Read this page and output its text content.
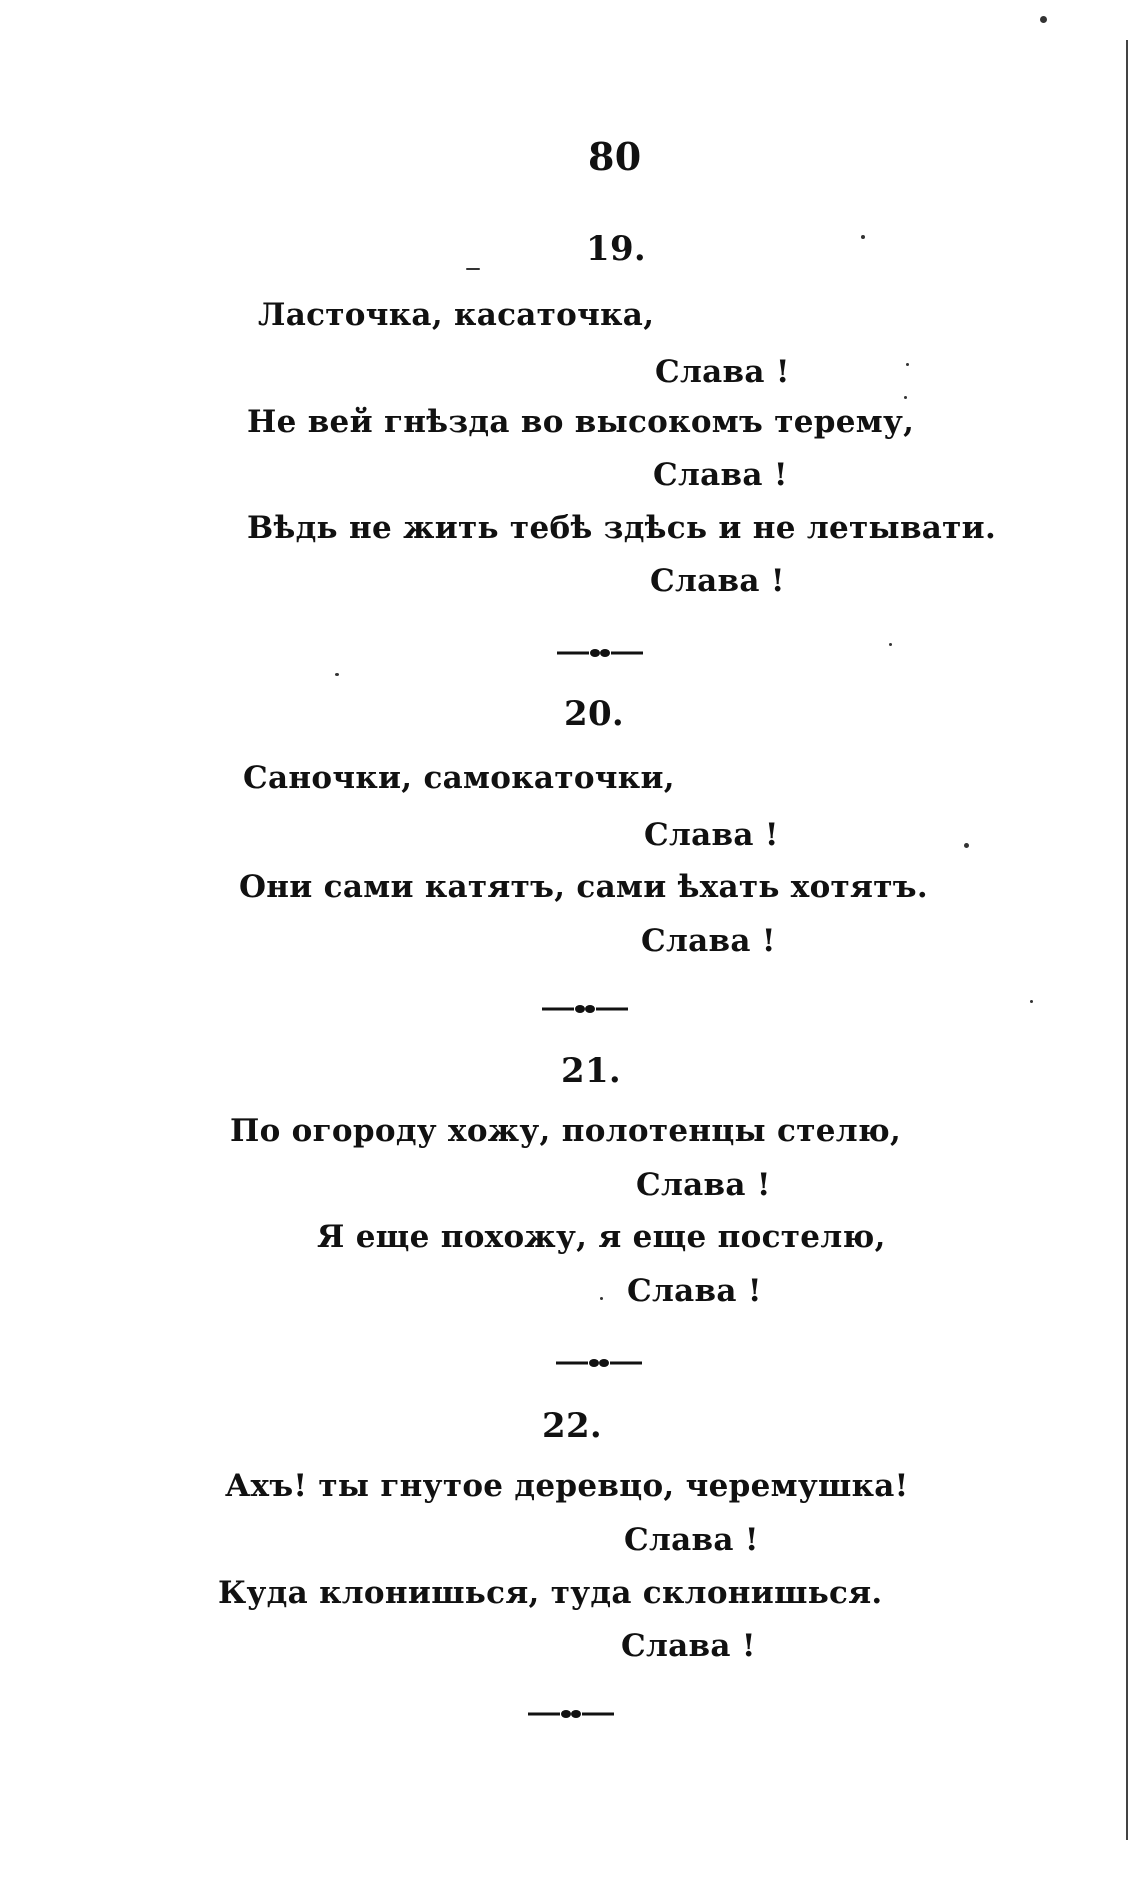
80
19.
Ласточка, касаточка,
Слава !
Не вей гнѣзда во высокомъ терему,
Слава !
Вѣдь не жить тебѣ здѣсь и не летывати.
Слава !
20.
Саночки, самокаточки,
Слава !
Они сами катятъ, сами ѣхать хотятъ.
Слава !
21.
По огороду хожу, полотенцы стелю,
Слава !
Я еще похожу, я еще постелю,
Слава !
22.
Ахъ! ты гнутое деревцо, черемушка!
Слава !
Куда клонишься, туда склонишься.
Слава !
